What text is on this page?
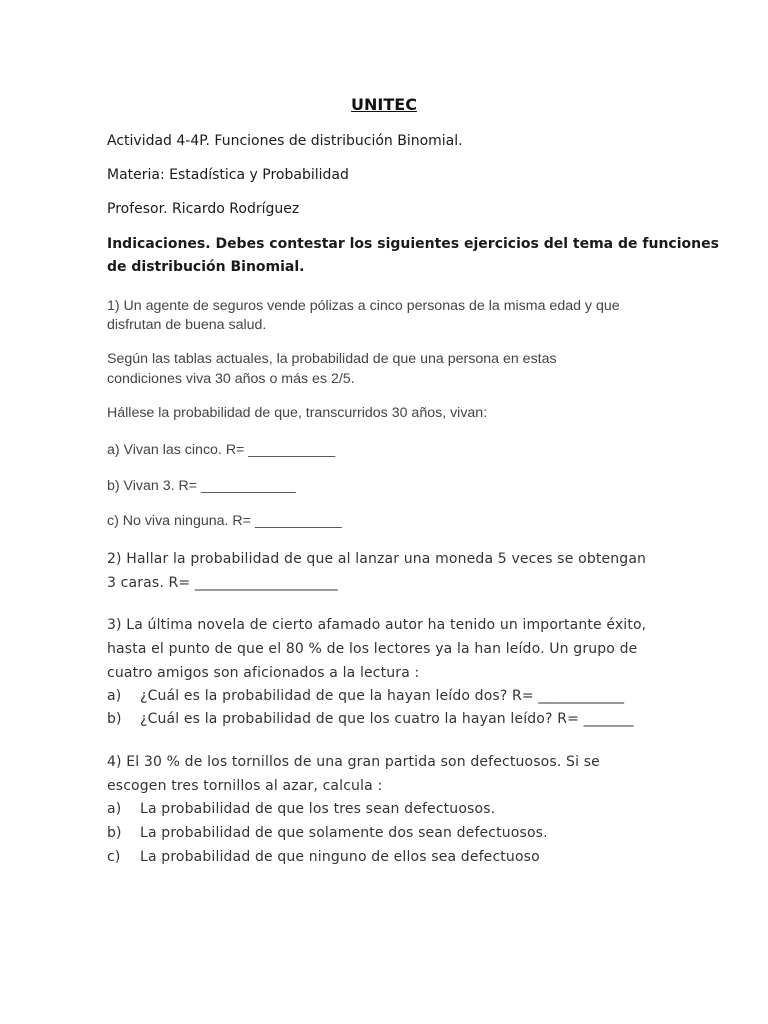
UNITEC
Actividad 4-4P. Funciones de distribución Binomial.
Materia: Estadística y Probabilidad
Profesor. Ricardo Rodríguez
Indicaciones. Debes contestar los siguientes ejercicios del tema de funciones
de distribución Binomial.
1) Un agente de seguros vende pólizas a cinco personas de la misma edad y que
disfrutan de buena salud.
Según las tablas actuales, la probabilidad de que una persona en estas
condiciones viva 30 años o más es 2/5.
Hállese la probabilidad de que, transcurridos 30 años, vivan:
a) Vivan las cinco. R= ___________
b) Vivan 3. R= ____________
c) No viva ninguna. R= ___________
2) Hallar la probabilidad de que al lanzar una moneda 5 veces se obtengan
3 caras. R= ____________________
3) La última novela de cierto afamado autor ha tenido un importante éxito,
hasta el punto de que el 80 % de los lectores ya la han leído. Un grupo de
cuatro amigos son aficionados a la lectura :
a) ¿Cuál es la probabilidad de que la hayan leído dos? R= ____________
b) ¿Cuál es la probabilidad de que los cuatro la hayan leído? R= _______
4) El 30 % de los tornillos de una gran partida son defectuosos. Si se
escogen tres tornillos al azar, calcula :
a) La probabilidad de que los tres sean defectuosos.
b) La probabilidad de que solamente dos sean defectuosos.
c) La probabilidad de que ninguno de ellos sea defectuoso
